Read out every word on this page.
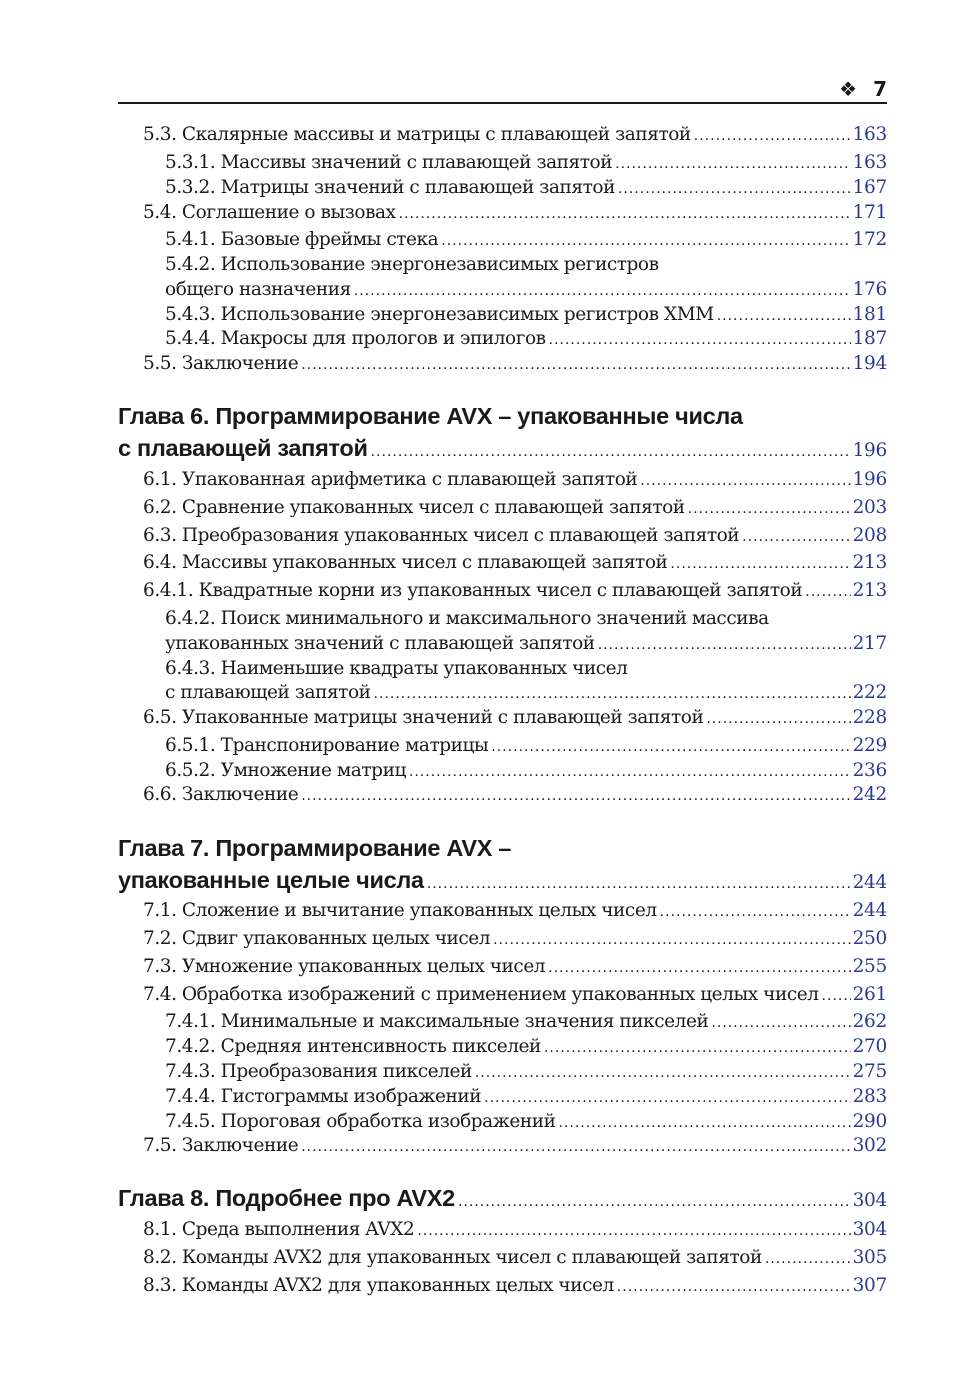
❖ 7
5.3. Скалярные массивы и матрицы с плавающей запятой .....	163
5.3.1. Массивы значений с плавающей запятой .....	163
5.3.2. Матрицы значений с плавающей запятой .....	167
5.4. Соглашение о вызовах .....	171
5.4.1. Базовые фреймы стека .....	172
5.4.2. Использование энергонезависимых регистров
общего назначения .....	176
5.4.3. Использование энергонезависимых регистров XMM .....	181
5.4.4. Макросы для прологов и эпилогов .....	187
5.5. Заключение .....	194
Глава 6. Программирование AVX – упакованные числа
с плавающей запятой .....	196
6.1. Упакованная арифметика с плавающей запятой .....	196
6.2. Сравнение упакованных чисел с плавающей запятой .....	203
6.3. Преобразования упакованных чисел с плавающей запятой .....	208
6.4. Массивы упакованных чисел с плавающей запятой .....	213
6.4.1. Квадратные корни из упакованных чисел с плавающей запятой .....	213
6.4.2. Поиск минимального и максимального значений массива
упакованных значений с плавающей запятой .....	217
6.4.3. Наименьшие квадраты упакованных чисел
с плавающей запятой .....	222
6.5. Упакованные матрицы значений с плавающей запятой .....	228
6.5.1. Транспонирование матрицы .....	229
6.5.2. Умножение матриц .....	236
6.6. Заключение .....	242
Глава 7. Программирование AVX –
упакованные целые числа .....	244
7.1. Сложение и вычитание упакованных целых чисел .....	244
7.2. Сдвиг упакованных целых чисел .....	250
7.3. Умножение упакованных целых чисел .....	255
7.4. Обработка изображений с применением упакованных целых чисел ..... 261
7.4.1. Минимальные и максимальные значения пикселей .....	262
7.4.2. Средняя интенсивность пикселей .....	270
7.4.3. Преобразования пикселей .....	275
7.4.4. Гистограммы изображений .....	283
7.4.5. Пороговая обработка изображений .....	290
7.5. Заключение .....	302
Глава 8. Подробнее про AVX2 .....	304
8.1. Среда выполнения AVX2 .....	304
8.2. Команды AVX2 для упакованных чисел с плавающей запятой .....	305
8.3. Команды AVX2 для упакованных целых чисел .....	307
